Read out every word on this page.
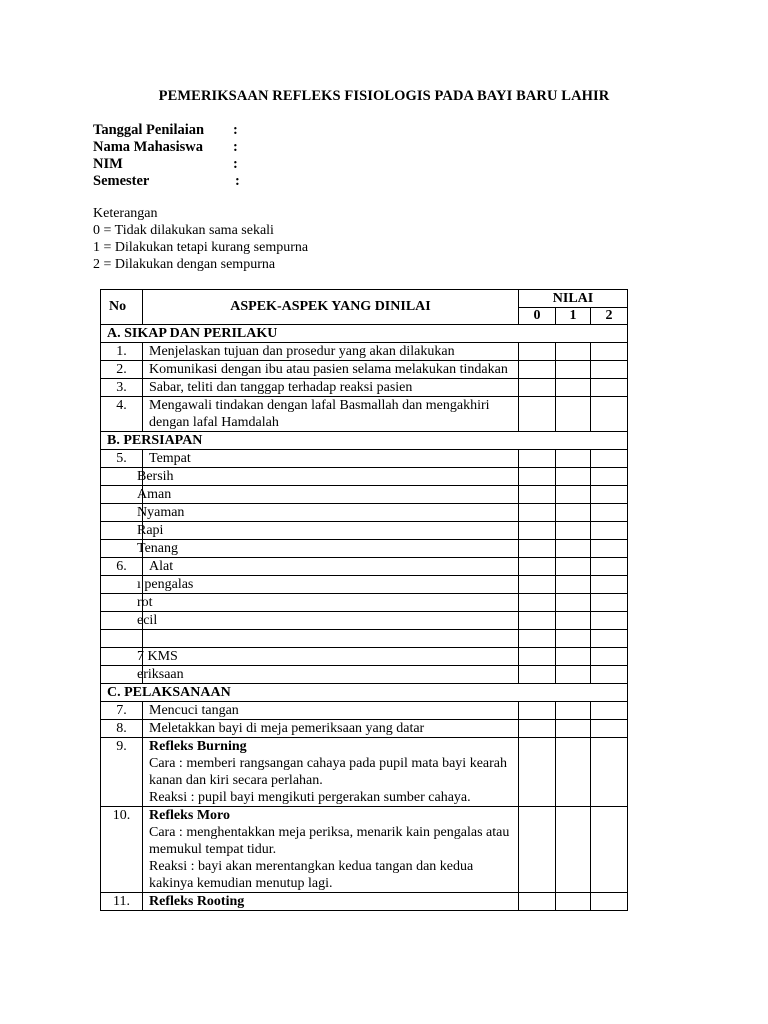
PEMERIKSAAN REFLEKS FISIOLOGIS PADA BAYI BARU LAHIR
Tanggal Penilaian :
Nama Mahasiswa :
NIM	:
Semester	:
Keterangan
0 = Tidak dilakukan sama sekali
1 = Dilakukan tetapi kurang sempurna
2 = Dilakukan dengan sempurna
No	ASPEK-ASPEK YANG DINILAI	NILAI		
		0	1	2
A. SIKAP DAN PERILAKU				
1.	Menjelaskan tujuan dan prosedur yang akan dilakukan			
2.	Komunikasi dengan ibu atau pasien selama melakukan tindakan			
3.	Sabar, teliti dan tanggap terhadap reaksi pasien			
4.	Mengawali tindakan dengan lafal Basmallah dan mengakhiri dengan lafal Hamdalah			
B. PERSIAPAN				
5.	Tempat			

	Bersih			

	Aman			

	Nyaman			

	Rapi			

	Tenang			

6.	Alat			

	ı pengalas			

	rot			

	ecil			

	7 KMS			

	eriksaan			

C. PELAKSANAAN				
7.	Mencuci tangan			
8.	Meletakkan bayi di meja pemeriksaan yang datar			
9.	Refleks Burning
Cara : memberi rangsangan cahaya pada pupil mata bayi kearah kanan dan kiri secara perlahan.
Reaksi : pupil bayi mengikuti pergerakan sumber cahaya.			

10.	Refleks Moro
Cara : menghentakkan meja periksa, menarik kain pengalas atau memukul tempat tidur.
Reaksi : bayi akan merentangkan kedua tangan dan kedua kakinya kemudian menutup lagi.			

11.	Refleks Rooting			
